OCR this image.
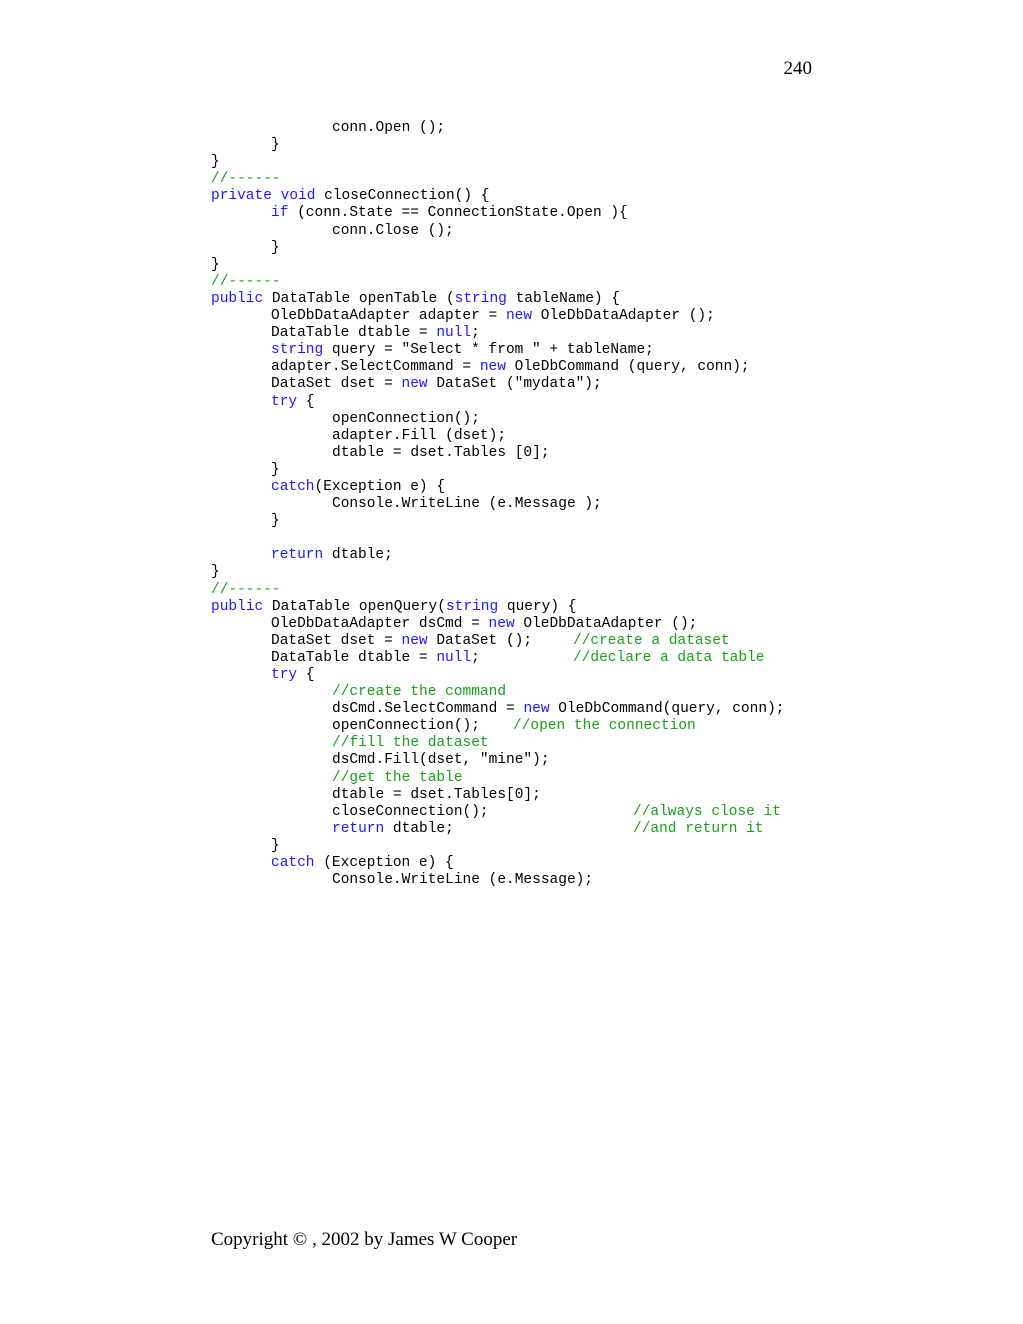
240
conn.Open ();
}
}
//------
private void closeConnection() {
if (conn.State == ConnectionState.Open ){
conn.Close ();
}
}
//------
public DataTable openTable (string tableName) {
OleDbDataAdapter adapter = new OleDbDataAdapter ();
DataTable dtable = null;
string query = "Select * from " + tableName;
adapter.SelectCommand = new OleDbCommand (query, conn);
DataSet dset = new DataSet ("mydata");
try {
openConnection();
adapter.Fill (dset);
dtable = dset.Tables [0];
}
catch(Exception e) {
Console.WriteLine (e.Message );
}
return dtable;
}
//------
public DataTable openQuery(string query) {
OleDbDataAdapter dsCmd = new OleDbDataAdapter ();
DataSet dset = new DataSet ();	//create a dataset
DataTable dtable = null;	//declare a data table
try {
//create the command
dsCmd.SelectCommand = new OleDbCommand(query, conn);
openConnection(); //open the connection
//fill the dataset
dsCmd.Fill(dset, "mine");
//get the table
dtable = dset.Tables[0];
closeConnection();	//always close it
return dtable;	//and return it
}
catch (Exception e) {
Console.WriteLine (e.Message);
Copyright © , 2002 by James W Cooper
